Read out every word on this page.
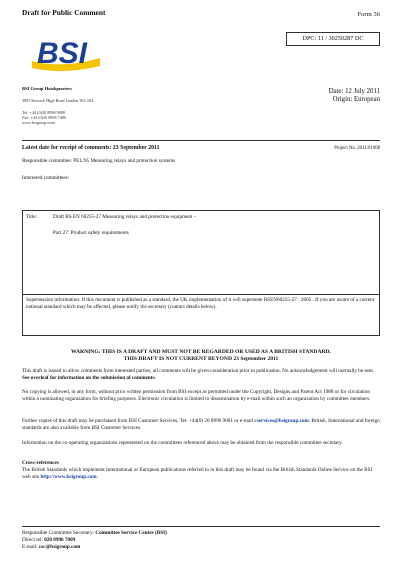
Draft for Public Comment	Form 36
DPC: 11 / 30250287 DC
BSI
BSI Group Headquarters
389 Chiswick High Road London W4 4AL
Tel: +44 (0)20 8996 9000
Fax: +44 (0)20 8996 7400
www.bsigroup.com
Date: 12 July 2011
Origin: European
Latest date for receipt of comments: 23 September 2011	Project No. 2011/01908
Responsible committee: PEL/95 Measuring relays and protection systems
Interested committees:
Title:	Draft BS EN 60255-27 Measuring relays and protection equipment -
Part 27: Product safety requirements
Supersession information: If this document is published as a standard, the UK implementation of it will supersede BSEN60255-27 : 2005 . If you are aware of a current national standard which may be affected, please notify the secretary (contact details below).
WARNING: THIS IS A DRAFT AND MUST NOT BE REGARDED OR USED AS A BRITISH STANDARD.
THIS DRAFT IS NOT CURRENT BEYOND 23 September 2011
This draft is issued to allow comments from interested parties; all comments will be given consideration prior to publication. No acknowledgement will normally be sent. See overleaf for information on the submission of comments.
No copying is allowed, in any form, without prior written permission from BSI except as permitted under the Copyright, Designs and Patent Act 1988 or for circulation within a nominating organization for briefing purposes. Electronic circulation is limited to dissemination by e-mail within such an organization by committee members.
Further copies of this draft may be purchased from BSI Customer Services, Tel: +44(0) 20 8996 9001 or e-mail cservices@bsigroup.com. British, International and foreign standards are also available from BSI Customer Services.
Information on the co-operating organizations represented on the committees referenced above may be obtained from the responsible committee secretary.
Cross-references
The British Standards which implement International or European publications referred to in this draft may be found via the British Standards Online Service on the BSI web site http://www.bsigroup.com.
Responsible Committee Secretary: Committee Service Centre (BSI)
Direct tel: 020 8996 7009
E-mail: csc@bsigroup.com
